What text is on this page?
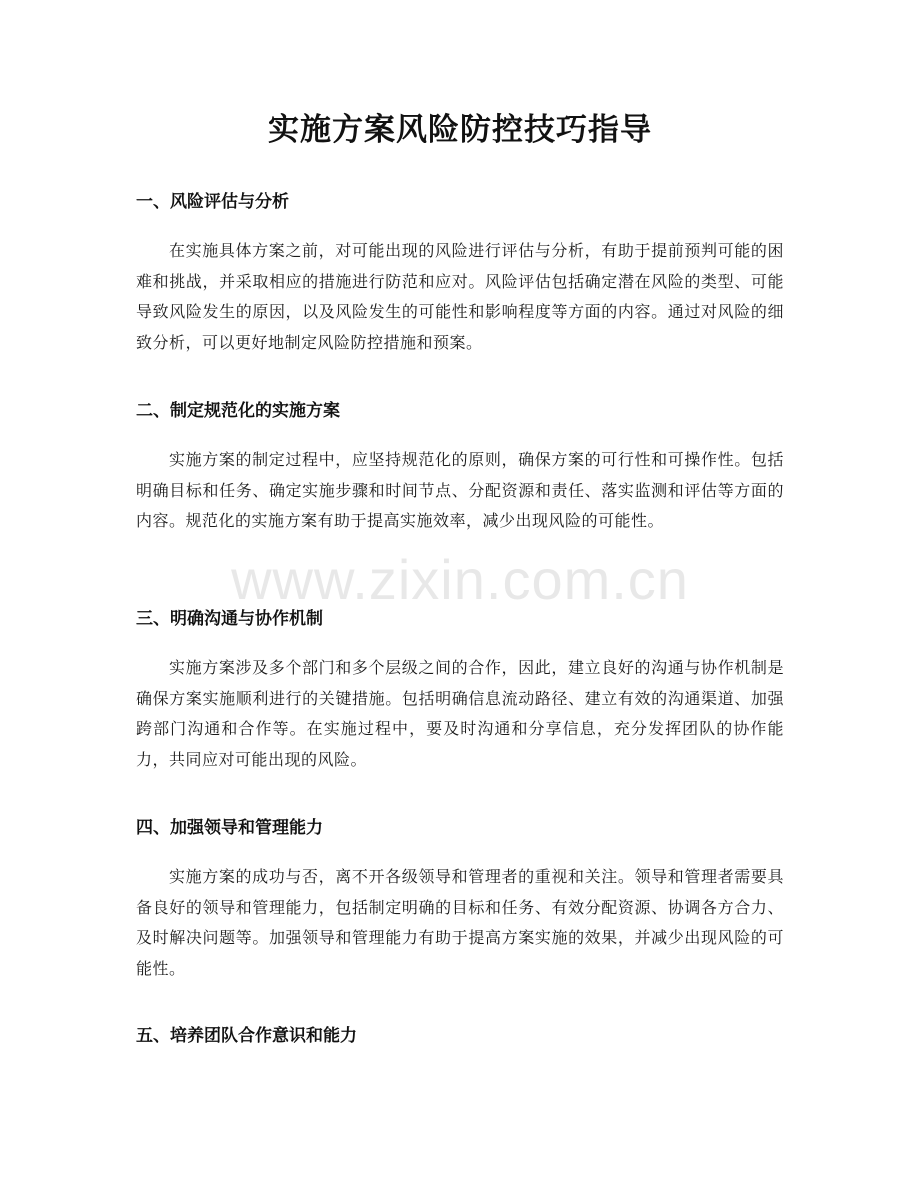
实施方案风险防控技巧指导
一、风险评估与分析

在实施具体方案之前，对可能出现的风险进行评估与分析，有助于提前预判可能的困难和挑战，并采取相应的措施进行防范和应对。风险评估包括确定潜在风险的类型、可能导致风险发生的原因，以及风险发生的可能性和影响程度等方面的内容。通过对风险的细致分析，可以更好地制定风险防控措施和预案。

二、制定规范化的实施方案

实施方案的制定过程中，应坚持规范化的原则，确保方案的可行性和可操作性。包括明确目标和任务、确定实施步骤和时间节点、分配资源和责任、落实监测和评估等方面的内容。规范化的实施方案有助于提高实施效率，减少出现风险的可能性。

三、明确沟通与协作机制

实施方案涉及多个部门和多个层级之间的合作，因此，建立良好的沟通与协作机制是确保方案实施顺利进行的关键措施。包括明确信息流动路径、建立有效的沟通渠道、加强跨部门沟通和合作等。在实施过程中，要及时沟通和分享信息，充分发挥团队的协作能力，共同应对可能出现的风险。

四、加强领导和管理能力

实施方案的成功与否，离不开各级领导和管理者的重视和关注。领导和管理者需要具备良好的领导和管理能力，包括制定明确的目标和任务、有效分配资源、协调各方合力、及时解决问题等。加强领导和管理能力有助于提高方案实施的效果，并减少出现风险的可能性。

五、培养团队合作意识和能力
www.zixin.com.cn
